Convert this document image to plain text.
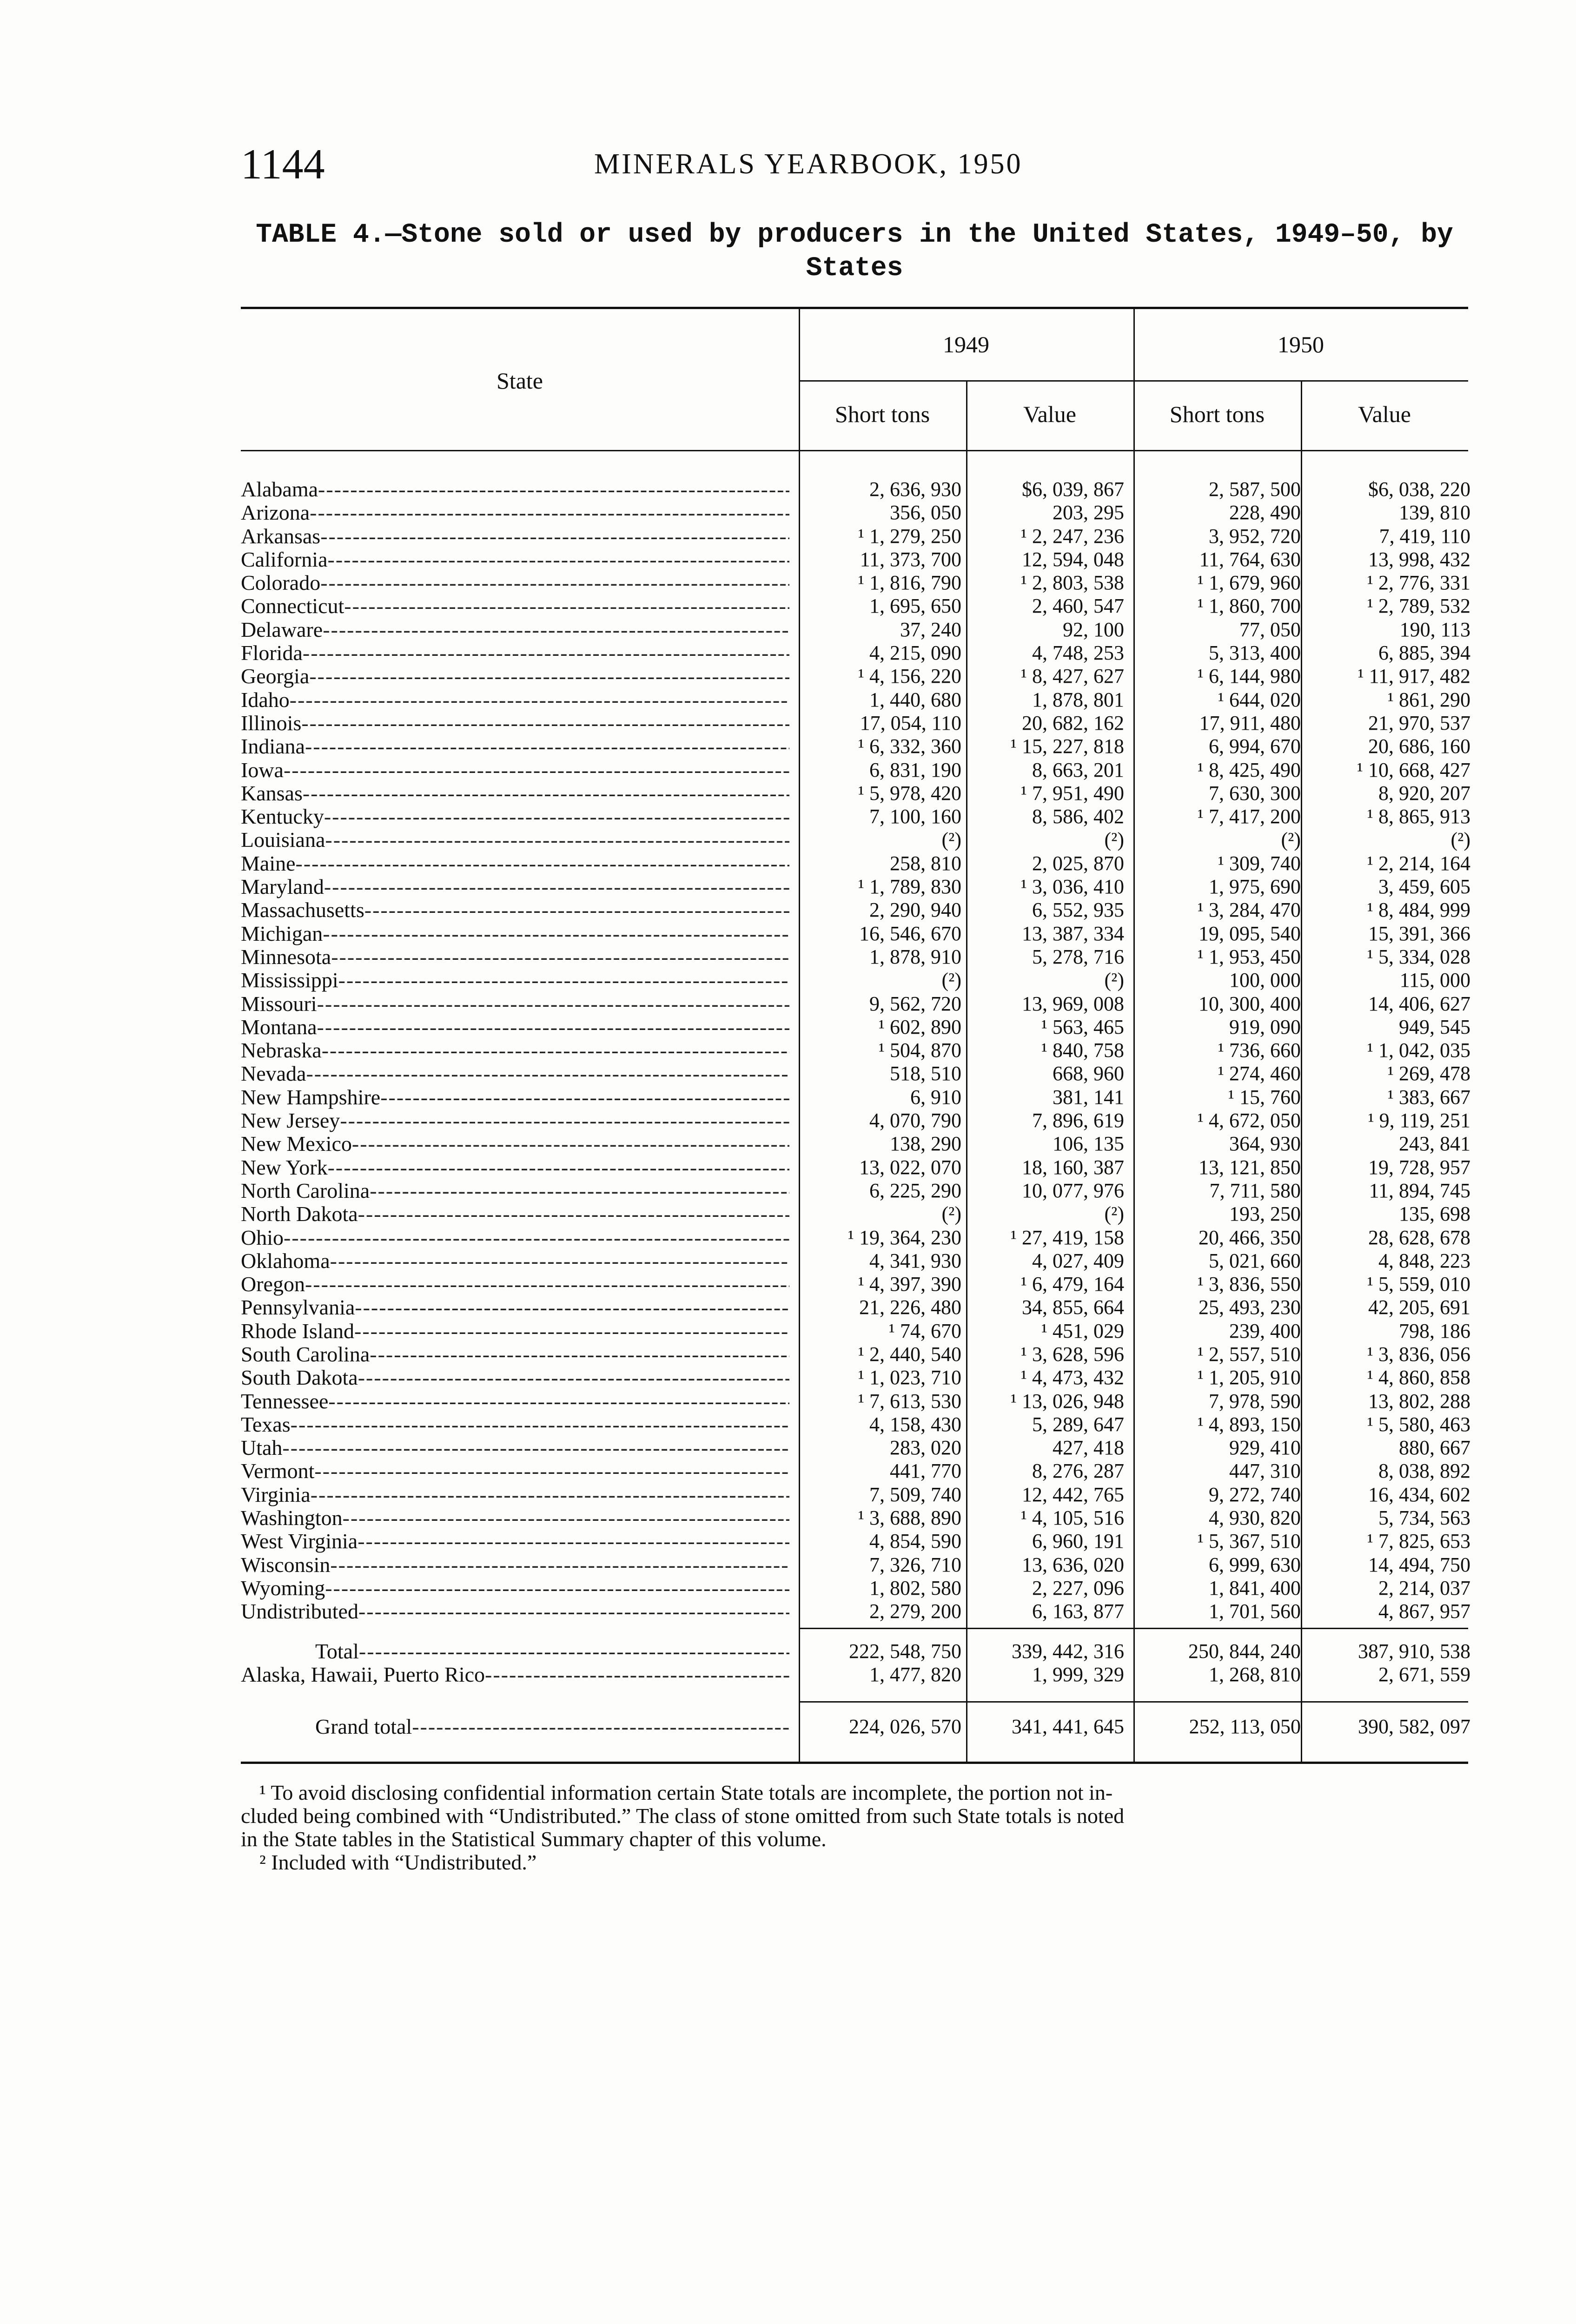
1144	MINERALS YEARBOOK, 1950
TABLE 4.—Stone sold or used by producers in the United States, 1949–50, by
States
State
1949	1950
Short tons	Value	Short tons	Value
Alabama -----	2, 636, 930	$6, 039, 867	2, 587, 500	$6, 038, 220
Arizona -----	356, 050	203, 295	228, 490	139, 810
Arkansas -----	¹ 1, 279, 250	¹ 2, 247, 236	3, 952, 720	7, 419, 110
California -----	11, 373, 700	12, 594, 048	11, 764, 630	13, 998, 432
Colorado -----	¹ 1, 816, 790	¹ 2, 803, 538	¹ 1, 679, 960	¹ 2, 776, 331
Connecticut -----	1, 695, 650	2, 460, 547	¹ 1, 860, 700	¹ 2, 789, 532
Delaware -----	37, 240	92, 100	77, 050	190, 113
Florida -----	4, 215, 090	4, 748, 253	5, 313, 400	6, 885, 394
Georgia -----	¹ 4, 156, 220	¹ 8, 427, 627	¹ 6, 144, 980	¹ 11, 917, 482
Idaho -----	1, 440, 680	1, 878, 801	¹ 644, 020	¹ 861, 290
Illinois -----	17, 054, 110	20, 682, 162	17, 911, 480	21, 970, 537
Indiana -----	¹ 6, 332, 360	¹ 15, 227, 818	6, 994, 670	20, 686, 160
Iowa -----	6, 831, 190	8, 663, 201	¹ 8, 425, 490	¹ 10, 668, 427
Kansas -----	¹ 5, 978, 420	¹ 7, 951, 490	7, 630, 300	8, 920, 207
Kentucky -----	7, 100, 160	8, 586, 402	¹ 7, 417, 200	¹ 8, 865, 913
Louisiana -----	(²)	(²)	(²)	(²)
Maine -----	258, 810	2, 025, 870	¹ 309, 740	¹ 2, 214, 164
Maryland -----	¹ 1, 789, 830	¹ 3, 036, 410	1, 975, 690	3, 459, 605
Massachusetts -----	2, 290, 940	6, 552, 935	¹ 3, 284, 470	¹ 8, 484, 999
Michigan -----	16, 546, 670	13, 387, 334	19, 095, 540	15, 391, 366
Minnesota -----	1, 878, 910	5, 278, 716	¹ 1, 953, 450	¹ 5, 334, 028
Mississippi -----	(²)	(²)	100, 000	115, 000
Missouri -----	9, 562, 720	13, 969, 008	10, 300, 400	14, 406, 627
Montana -----	¹ 602, 890	¹ 563, 465	919, 090	949, 545
Nebraska -----	¹ 504, 870	¹ 840, 758	¹ 736, 660	¹ 1, 042, 035
Nevada -----	518, 510	668, 960	¹ 274, 460	¹ 269, 478
New Hampshire -----	6, 910	381, 141	¹ 15, 760	¹ 383, 667
New Jersey -----	4, 070, 790	7, 896, 619	¹ 4, 672, 050	¹ 9, 119, 251
New Mexico -----	138, 290	106, 135	364, 930	243, 841
New York -----	13, 022, 070	18, 160, 387	13, 121, 850	19, 728, 957
North Carolina -----	6, 225, 290	10, 077, 976	7, 711, 580	11, 894, 745
North Dakota -----	(²)	(²)	193, 250	135, 698
Ohio -----	¹ 19, 364, 230	¹ 27, 419, 158	20, 466, 350	28, 628, 678
Oklahoma -----	4, 341, 930	4, 027, 409	5, 021, 660	4, 848, 223
Oregon -----	¹ 4, 397, 390	¹ 6, 479, 164	¹ 3, 836, 550	¹ 5, 559, 010
Pennsylvania -----	21, 226, 480	34, 855, 664	25, 493, 230	42, 205, 691
Rhode Island -----	¹ 74, 670	¹ 451, 029	239, 400	798, 186
South Carolina -----	¹ 2, 440, 540	¹ 3, 628, 596	¹ 2, 557, 510	¹ 3, 836, 056
South Dakota -----	¹ 1, 023, 710	¹ 4, 473, 432	¹ 1, 205, 910	¹ 4, 860, 858
Tennessee -----	¹ 7, 613, 530	¹ 13, 026, 948	7, 978, 590	13, 802, 288
Texas -----	4, 158, 430	5, 289, 647	¹ 4, 893, 150	¹ 5, 580, 463
Utah -----	283, 020	427, 418	929, 410	880, 667
Vermont -----	441, 770	8, 276, 287	447, 310	8, 038, 892
Virginia -----	7, 509, 740	12, 442, 765	9, 272, 740	16, 434, 602
Washington -----	¹ 3, 688, 890	¹ 4, 105, 516	4, 930, 820	5, 734, 563
West Virginia -----	4, 854, 590	6, 960, 191	¹ 5, 367, 510	¹ 7, 825, 653
Wisconsin -----	7, 326, 710	13, 636, 020	6, 999, 630	14, 494, 750
Wyoming -----	1, 802, 580	2, 227, 096	1, 841, 400	2, 214, 037
Undistributed -----	2, 279, 200	6, 163, 877	1, 701, 560	4, 867, 957
Total -----	222, 548, 750	339, 442, 316	250, 844, 240	387, 910, 538
Alaska, Hawaii, Puerto Rico -----	1, 477, 820	1, 999, 329	1, 268, 810	2, 671, 559
Grand total -----	224, 026, 570	341, 441, 645	252, 113, 050	390, 582, 097

¹ To avoid disclosing confidential information certain State totals are incomplete, the portion not in-

cluded being combined with “Undistributed.” The class of stone omitted from such State totals is noted

in the State tables in the Statistical Summary chapter of this volume.

² Included with “Undistributed.”
